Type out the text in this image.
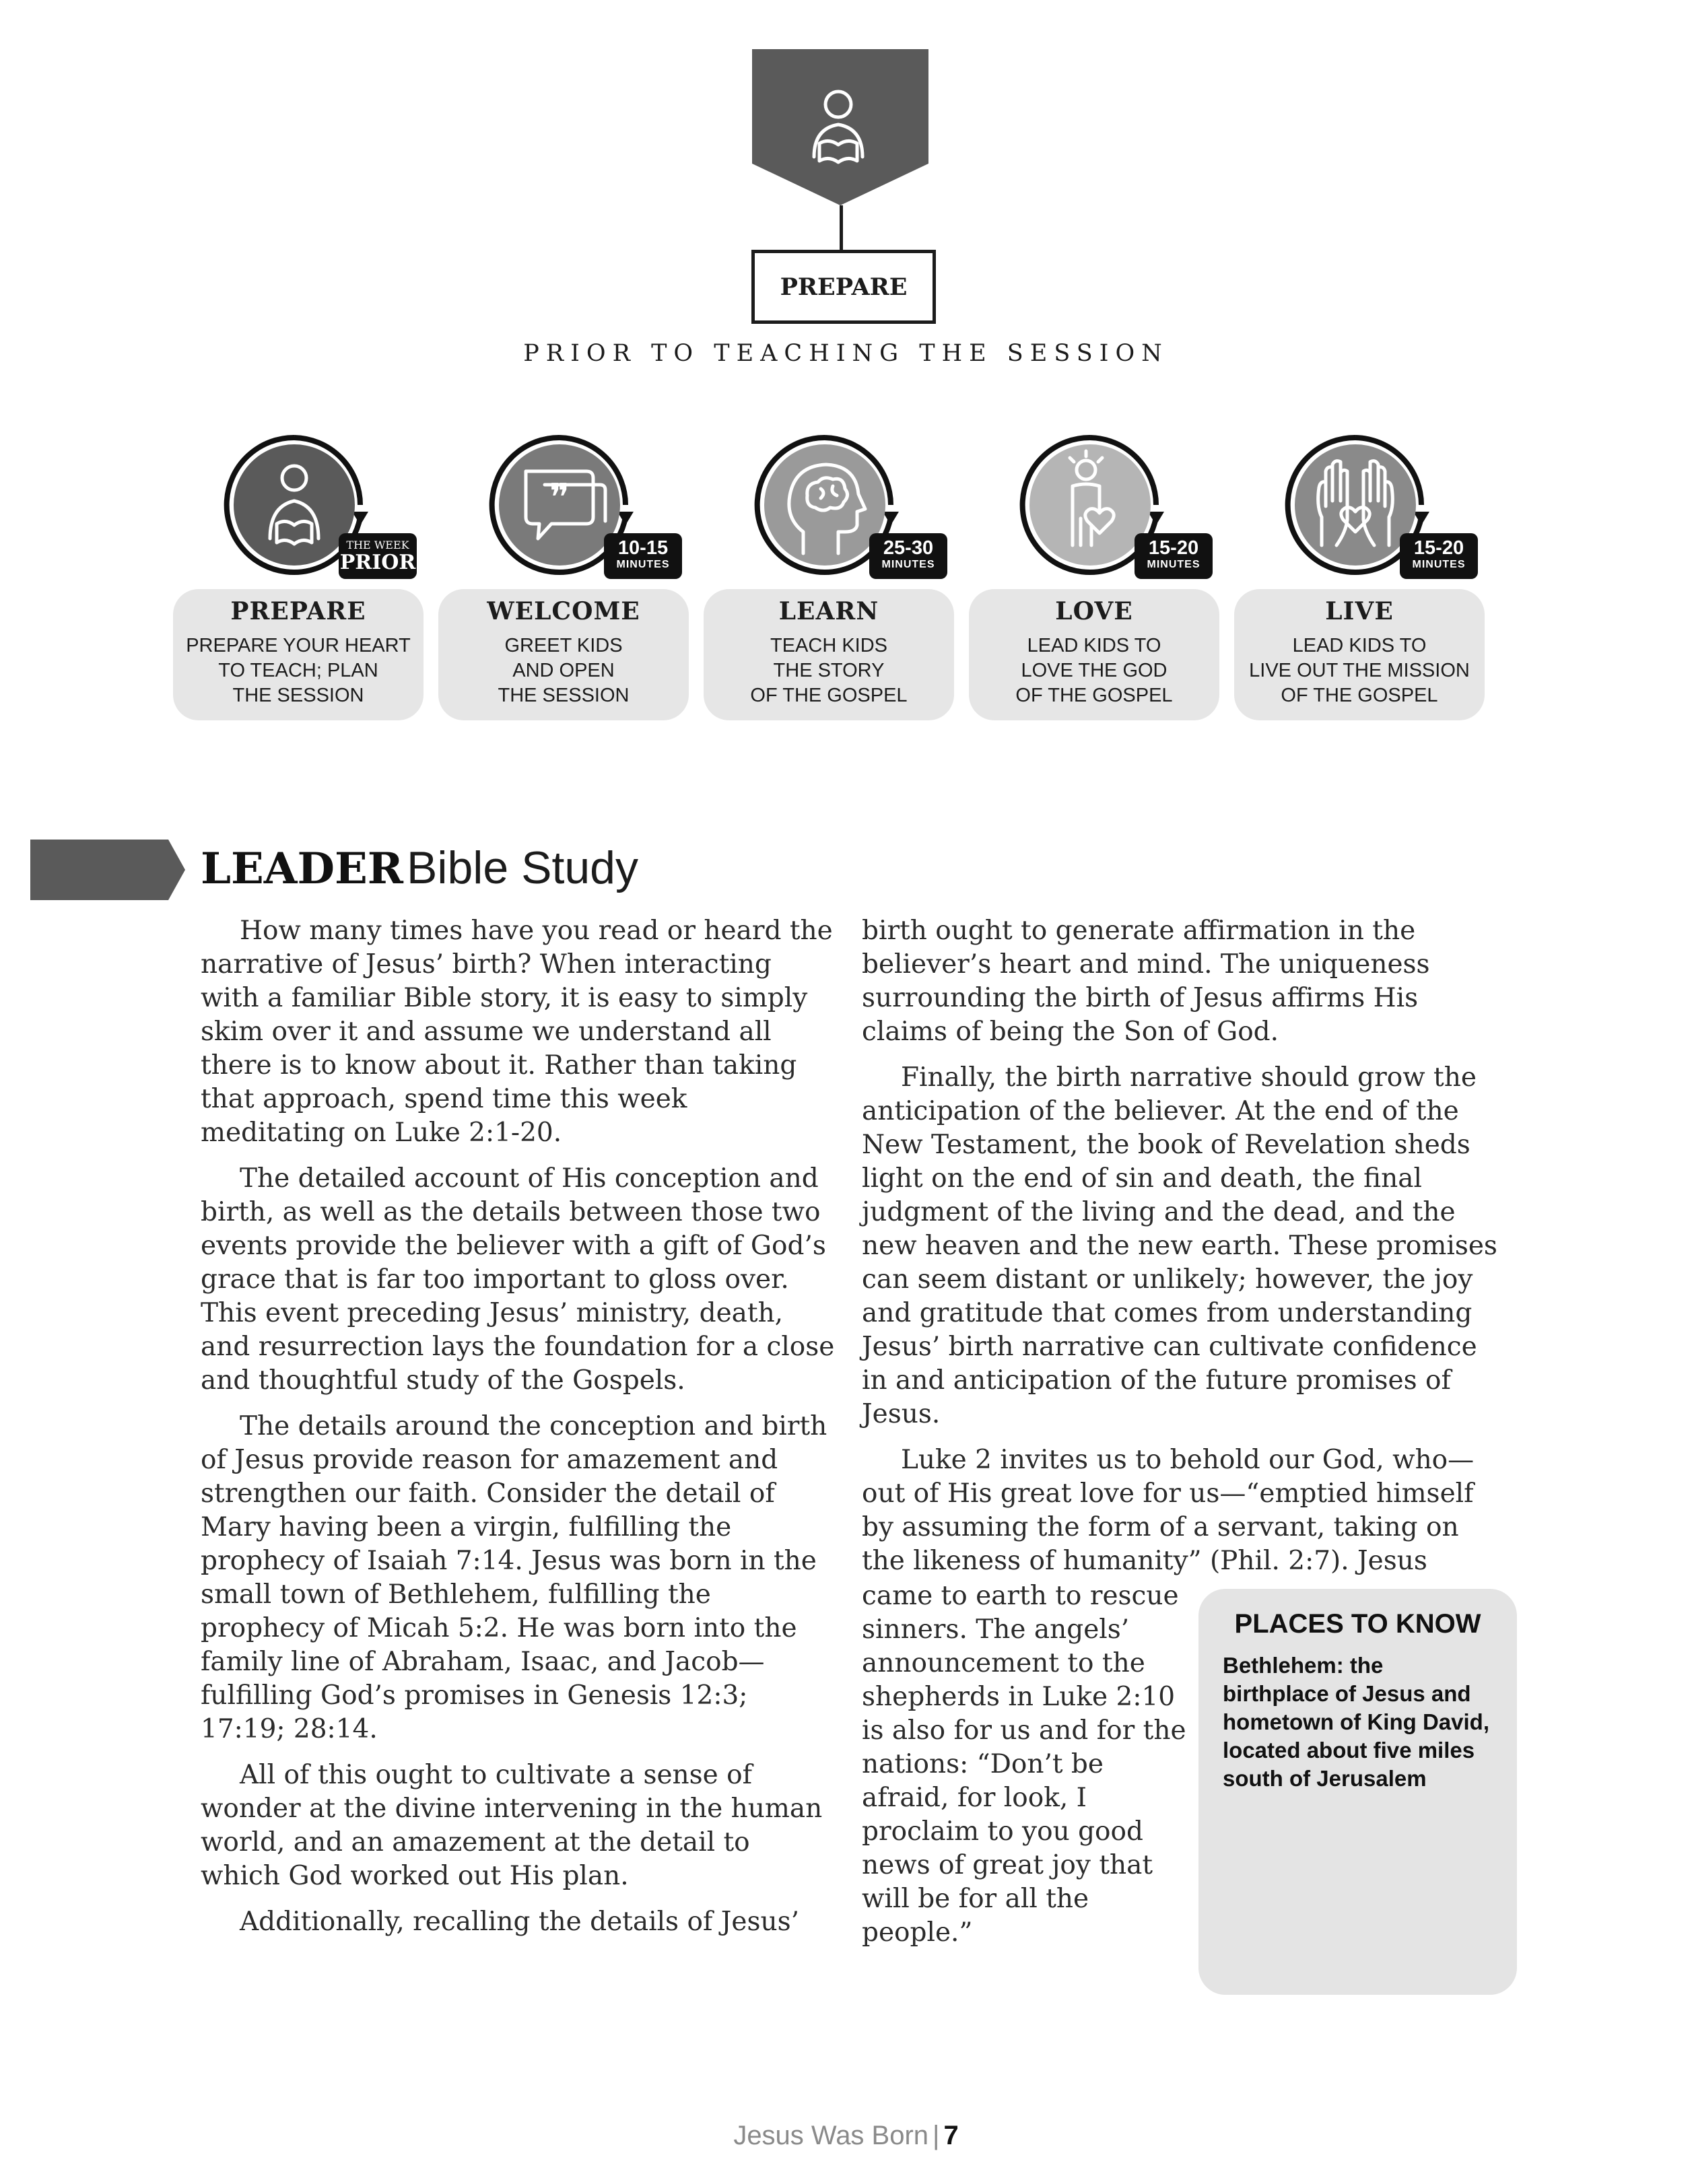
PREPARE
PRIOR TO TEACHING THE SESSION
THE WEEK
PRIOR
PREPARE
PREPARE YOUR HEART
TO TEACH; PLAN
THE SESSION
❞
10-15
MINUTES
WELCOME
GREET KIDS
AND OPEN
THE SESSION
25-30
MINUTES
LEARN
TEACH KIDS
THE STORY
OF THE GOSPEL
15-20
MINUTES
LOVE
LEAD KIDS TO
LOVE THE GOD
OF THE GOSPEL
15-20
MINUTES
LIVE
LEAD KIDS TO
LIVE OUT THE MISSION
OF THE GOSPEL
LEADER Bible Study

How many times have you read or heard the narrative of Jesus’ birth? When interacting with a familiar Bible story, it is easy to simply skim over it and assume we understand all there is to know about it. Rather than taking that approach, spend time this week meditating on Luke 2:1-20.

The detailed account of His conception and birth, as well as the details between those two events provide the believer with a gift of God’s grace that is far too important to gloss over. This event preceding Jesus’ ministry, death, and resurrection lays the foundation for a close and thoughtful study of the Gospels.

The details around the conception and birth of Jesus provide reason for amazement and strengthen our faith. Consider the detail of Mary having been a virgin, fulfilling the prophecy of Isaiah 7:14. Jesus was born in the small town of Bethlehem, fulfilling the prophecy of Micah 5:2. He was born into the family line of Abraham, Isaac, and Jacob—fulfilling God’s promises in Genesis 12:3; 17:19; 28:14.

All of this ought to cultivate a sense of wonder at the divine intervening in the human world, and an amazement at the detail to which God worked out His plan.

Additionally, recalling the details of Jesus’

birth ought to generate affirmation in the believer’s heart and mind. The uniqueness surrounding the birth of Jesus affirms His claims of being the Son of God.

Finally, the birth narrative should grow the anticipation of the believer. At the end of the New Testament, the book of Revelation sheds light on the end of sin and death, the final judgment of the living and the dead, and the new heaven and the new earth. These promises can seem distant or unlikely; however, the joy and gratitude that comes from understanding Jesus’ birth narrative can cultivate confidence in and anticipation of the future promises of Jesus.

Luke 2 invites us to behold our God, who—out of His great love for us—“emptied himself by assuming the form of a servant, taking on the likeness of humanity” (Phil. 2:7). Jesus

came to earth to rescue sinners. The angels’ announcement to the shepherds in Luke 2:10 is also for us and for the nations: “Don’t be afraid, for look, I proclaim to you good news of great joy that will be for all the people.”

PLACES TO KNOW
Bethlehem: the birthplace of Jesus and hometown of King David, located about five miles south of Jerusalem
Jesus Was Born | 7
